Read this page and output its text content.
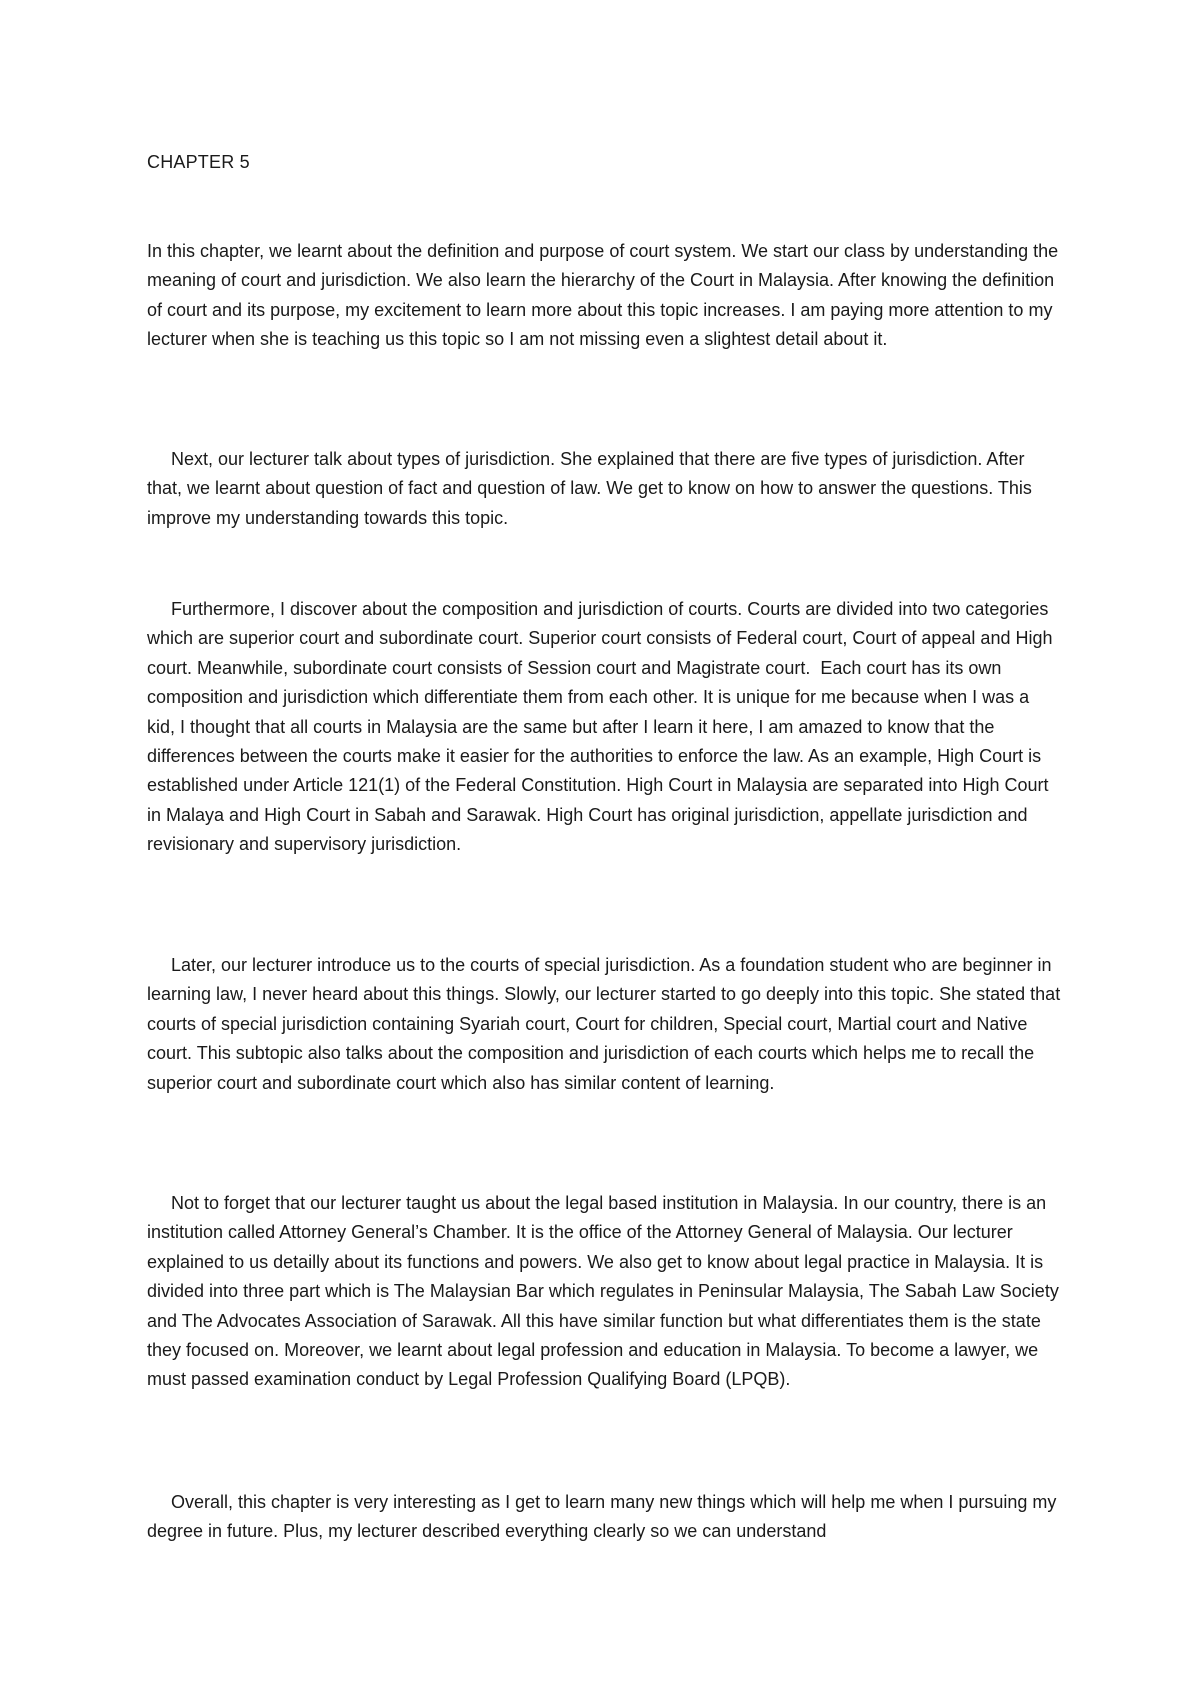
CHAPTER 5

In this chapter, we learnt about the definition and purpose of court system. We start our class by understanding the meaning of court and jurisdiction. We also learn the hierarchy of the Court in Malaysia. After knowing the definition of court and its purpose, my excitement to learn more about this topic increases. I am paying more attention to my lecturer when she is teaching us this topic so I am not missing even a slightest detail about it.

Next, our lecturer talk about types of jurisdiction. She explained that there are five types of jurisdiction. After that, we learnt about question of fact and question of law. We get to know on how to answer the questions. This improve my understanding towards this topic.

Furthermore, I discover about the composition and jurisdiction of courts. Courts are divided into two categories which are superior court and subordinate court. Superior court consists of Federal court, Court of appeal and High court. Meanwhile, subordinate court consists of Session court and Magistrate court.  Each court has its own composition and jurisdiction which differentiate them from each other. It is unique for me because when I was a kid, I thought that all courts in Malaysia are the same but after I learn it here, I am amazed to know that the differences between the courts make it easier for the authorities to enforce the law. As an example, High Court is established under Article 121(1) of the Federal Constitution. High Court in Malaysia are separated into High Court in Malaya and High Court in Sabah and Sarawak. High Court has original jurisdiction, appellate jurisdiction and revisionary and supervisory jurisdiction.

Later, our lecturer introduce us to the courts of special jurisdiction. As a foundation student who are beginner in learning law, I never heard about this things. Slowly, our lecturer started to go deeply into this topic. She stated that courts of special jurisdiction containing Syariah court, Court for children, Special court, Martial court and Native court. This subtopic also talks about the composition and jurisdiction of each courts which helps me to recall the superior court and subordinate court which also has similar content of learning.

Not to forget that our lecturer taught us about the legal based institution in Malaysia. In our country, there is an institution called Attorney General’s Chamber. It is the office of the Attorney General of Malaysia. Our lecturer explained to us detailly about its functions and powers. We also get to know about legal practice in Malaysia. It is divided into three part which is The Malaysian Bar which regulates in Peninsular Malaysia, The Sabah Law Society and The Advocates Association of Sarawak. All this have similar function but what differentiates them is the state they focused on. Moreover, we learnt about legal profession and education in Malaysia. To become a lawyer, we must passed examination conduct by Legal Profession Qualifying Board (LPQB).

Overall, this chapter is very interesting as I get to learn many new things which will help me when I pursuing my degree in future. Plus, my lecturer described everything clearly so we can understand
